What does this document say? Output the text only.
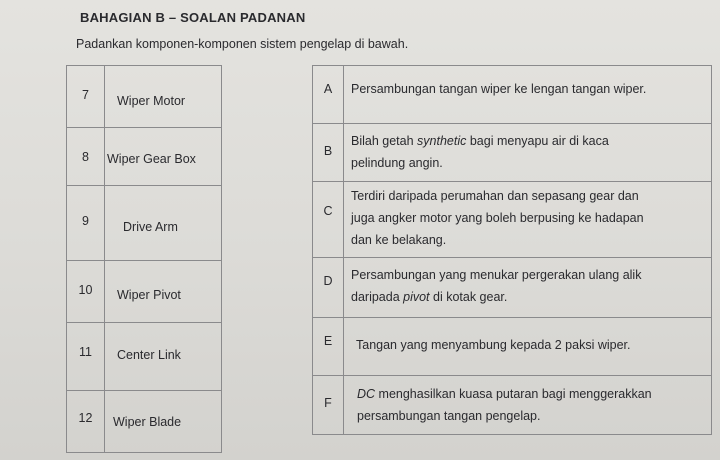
BAHAGIAN B – SOALAN PADANAN
Padankan komponen-komponen sistem pengelap di bawah.
7	Wiper Motor
8	Wiper Gear Box
9	Drive Arm
10	Wiper Pivot
11	Center Link
12	Wiper Blade
A	Persambungan tangan wiper ke lengan tangan wiper.
B
Bilah getah synthetic bagi menyapu air di kaca
pelindung angin.
C
Terdiri daripada perumahan dan sepasang gear dan
juga angker motor yang boleh berpusing ke hadapan
dan ke belakang.
D	Persambungan yang menukar pergerakan ulang alik
daripada pivot di kotak gear.
E	Tangan yang menyambung kepada 2 paksi wiper.
F
DC menghasilkan kuasa putaran bagi menggerakkan
persambungan tangan pengelap.
